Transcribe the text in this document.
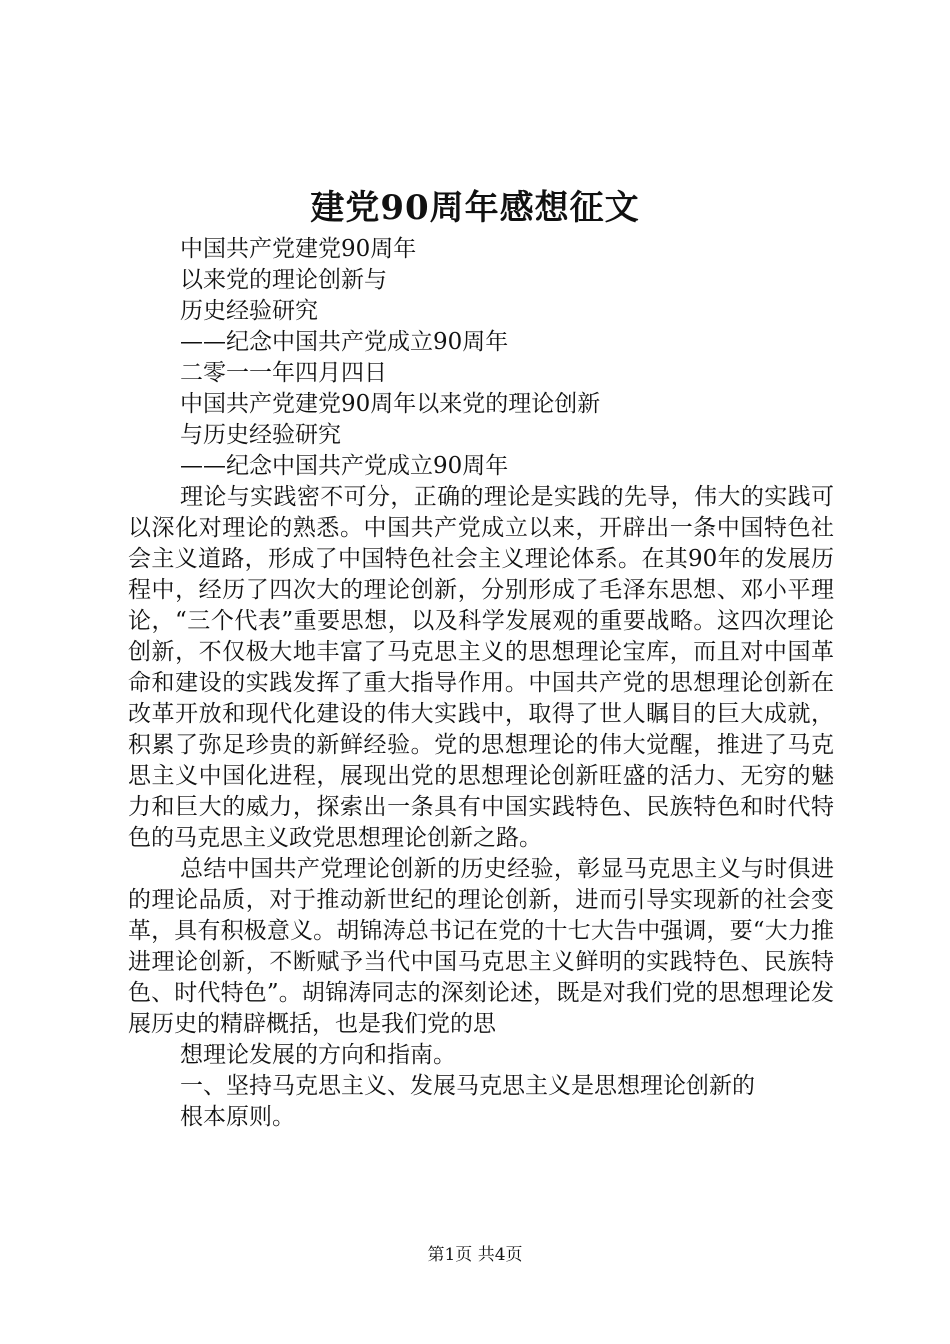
建党90周年感想征文
中国共产党建党90周年
以来党的理论创新与
历史经验研究
——纪念中国共产党成立90周年
二零一一年四月四日
中国共产党建党90周年以来党的理论创新
与历史经验研究
——纪念中国共产党成立90周年

理论与实践密不可分，正确的理论是实践的先导，伟大的实践可以深化对理论的熟悉。中国共产党成立以来，开辟出一条中国特色社会主义道路，形成了中国特色社会主义理论体系。在其90年的发展历程中，经历了四次大的理论创新，分别形成了毛泽东思想、邓小平理论，“三个代表”重要思想，以及科学发展观的重要战略。这四次理论创新，不仅极大地丰富了马克思主义的思想理论宝库，而且对中国革命和建设的实践发挥了重大指导作用。中国共产党的思想理论创新在改革开放和现代化建设的伟大实践中，取得了世人瞩目的巨大成就，积累了弥足珍贵的新鲜经验。党的思想理论的伟大觉醒，推进了马克思主义中国化进程，展现出党的思想理论创新旺盛的活力、无穷的魅力和巨大的威力，探索出一条具有中国实践特色、民族特色和时代特色的马克思主义政党思想理论创新之路。

总结中国共产党理论创新的历史经验，彰显马克思主义与时俱进的理论品质，对于推动新世纪的理论创新，进而引导实现新的社会变革，具有积极意义。胡锦涛总书记在党的十七大告中强调，要“大力推进理论创新，不断赋予当代中国马克思主义鲜明的实践特色、民族特色、时代特色”。胡锦涛同志的深刻论述，既是对我们党的思想理论发展历史的精辟概括，也是我们党的思

想理论发展的方向和指南。
一、坚持马克思主义、发展马克思主义是思想理论创新的
根本原则。
第1页 共4页
